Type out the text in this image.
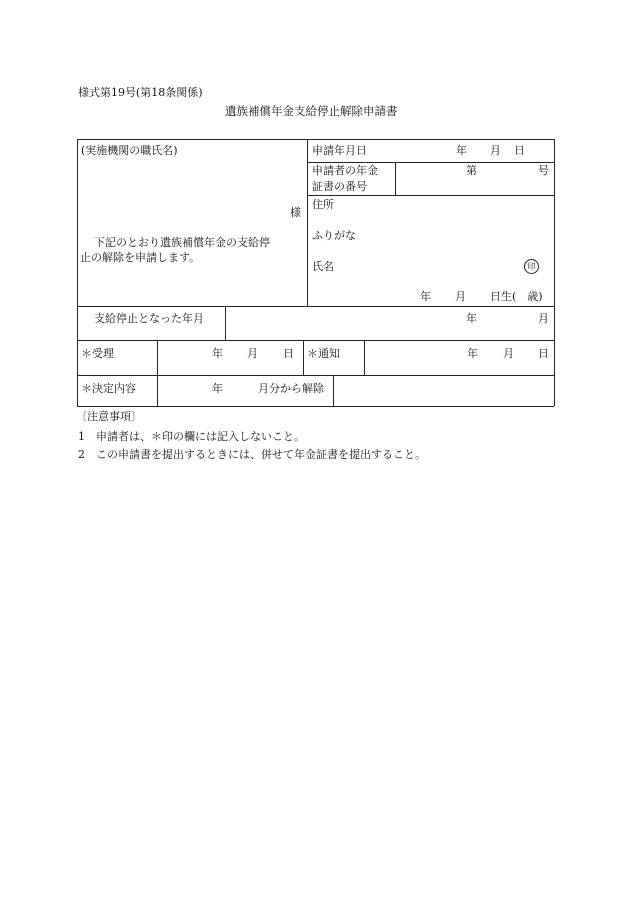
様式第19号(第18条関係)
遺族補償年金支給停止解除申請書
(実施機関の職氏名)
様
下記のとおり遺族補償年金の支給停
止の解除を申請します。
申請年月日	年 月 日
申請者の年金
証書の番号
第	号
住所
ふりがな
氏名	印
年 月 日生(　歳)
支給停止となった年月	年	月
＊受理	年 月 日 ＊通知	年 月 日
＊決定内容	年	月分から解除
〔注意事項〕
1 申請者は、＊印の欄には記入しないこと。
2 この申請書を提出するときには、併せて年金証書を提出すること。
